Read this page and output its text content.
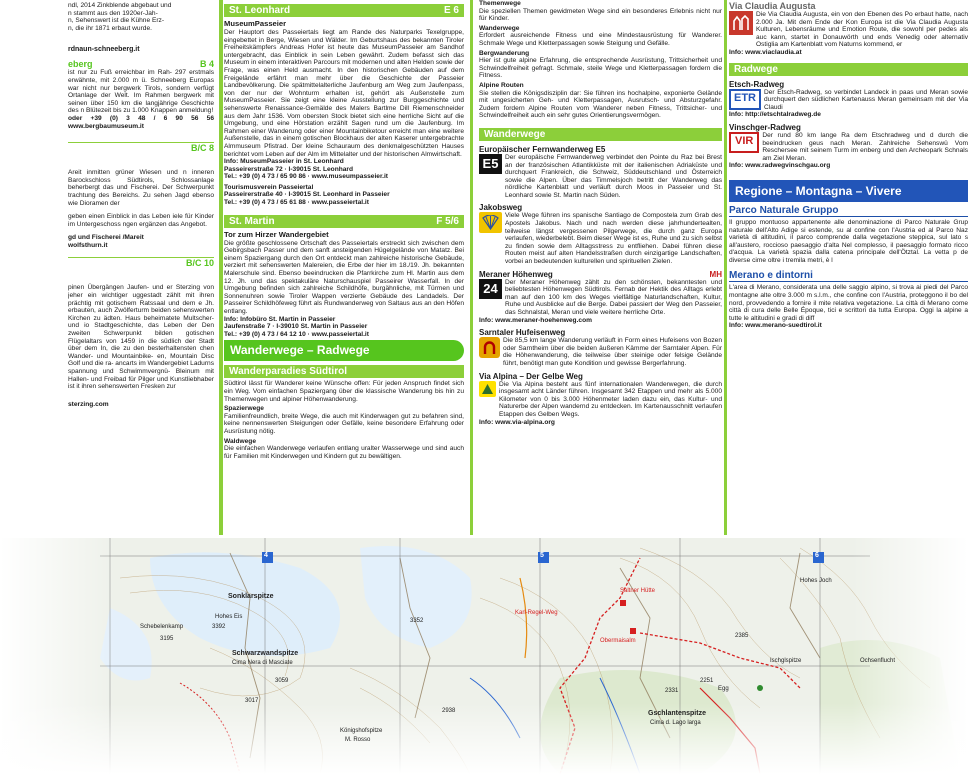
ndl, 2014 Zinkblende abgebaut und

n stammt aus den 1920er-Jah-

n, Sehenswert ist die Kühne Erz-

n, die ihr 1871 erbaut wurde.

rdnaun-schneeberg.it
eberg	B 4

ist nur zu Fuß erreichbar im Rah- 297 erstmals erwähnte, mit 2.000 m ü. Schneeberg Europas war nicht nur bergwerk Tirols, sondern verfügt Ortanlage der Welt. Im Rahmen bergwerk mit seinen über 150 km die langjährige Geschichte des n Blütezeit bis zu 1.000 Knappen anmeldung!

oder +39 (0) 3 48 / 6 90 56 56 www.bergbaumuseum.it

B/C 8

Areit inmitten grüner Wiesen und n inneren Barockschloss Südtirols, Schlossanlage beherbergt das und Fischerei. Der Schwerpunkt trachtung des Bereichs. Zu sehen Jagd ebenso wie Dioramen der

geben einen Einblick in das Leben iele für Kinder im Untergeschoss ngen ergänzen das Angebot.

gd und Fischerei /Mareit

wolfsthurn.it

B/C 10

pinen Übergängen Jaufen- und er Sterzing von jeher ein wichtiger uggestadt zählt mit ihren prächtig mit gotischem Ratssaal und dem e Jh. erbauten, auch Zwölferturm beiden sehenswerten Kirchen zu ädten. Haus beheimatete Multscher- und io Stadtgeschichte, das Leben der Den zweiten Schwerpunkt bilden gotischen Flügelaltars von 1459 in die südlich der Stadt über dem In, die zu den besterhaltensten chen Wander- und Mountainbike- en, Mountain Disc Golf und die ra- ancarts im Wandergebiet Ladurns spannung und Schwimmvergnü- Bleinum mit Hallen- und Freibad für Pilger und Kunstliebhaber ist it ihren sehenswerten Fresken zur

sterzing.com

St. Leonhard	E 6
MuseumPasseier

Der Hauptort des Passeiertals liegt am Rande des Naturparks Texelgruppe, eingebettet in Berge, Wiesen und Wälder. Im Geburtshaus des bekannten Tiroler Freiheitskämpfers Andreas Hofer ist heute das MuseumPasseier am Sandhof untergebracht, das Einblick in sein Leben gewährt. Zudem befasst sich das Museum in einem interaktiven Parcours mit modernen und alten Helden sowie der Frage, was einen Held ausmacht. In den historischen Gebäuden auf dem Freigelände erfährt man mehr über die Geschichte der Passeier Landbevölkerung. Die spätmittelalterliche Jaufenburg am Weg zum Jaufenpass, von der nur der Wohnturm erhalten ist, gehört als Außenstelle zum MuseumPasseier. Sie zeigt eine kleine Ausstellung zur Burggeschichte und sehenswerte Renaissance-Gemälde des Malers Bartlme Dill Riemenschneider aus dem Jahr 1536. Vom obersten Stock bietet sich eine herrliche Sicht auf die Umgebung, und eine Hörstation erzählt Sagen rund um die Jaufenburg. Im Rahmen einer Wanderung oder einer Mountainbiketour erreicht man eine weitere Außenstelle, das in einem gotischen Blockhaus der alten Kaserer untergebrachte Almmuseum Pfistrad. Der kleine Schauraum des denkmalgeschützten Hauses berichtet vom Leben auf der Alm im Mittelalter und der historischen Almwirtschaft.

Info: MuseumPasseier in St. Leonhard

Passeirerstraße 72 · I-39015 St. Leonhard

Tel.: +39 (0) 4 73 / 65 90 86 · www.museumpasseier.it

Tourismusverein Passeiertal

Passeirerstraße 40 · I-39015 St. Leonhard in Passeier

Tel.: +39 (0) 4 73 / 65 61 88 · www.passeiertal.it

St. Martin	F 5/6
Tor zum Hirzer Wandergebiet

Die größte geschlossene Ortschaft des Passeiertals erstreckt sich zwischen dem Gebirgsbach Passer und dem sanft ansteigenden Hügelgelände von Matatz. Bei einem Spaziergang durch den Ort entdeckt man zahlreiche historische Gebäude, verziert mit sehenswerten Malereien, die Erbe der hier im 18./19. Jh. bekannten Malerschule sind. Ebenso beeindrucken die Pfarrkirche zum Hl. Martin aus dem 12. Jh. und das spektakuläre Naturschauspiel Passeirer Wasserfall. In der Umgebung befinden sich zahlreiche Schildhöfe, burgähnliche, mit Türmen und Sonnenuhren sowie Tiroler Wappen verzierte Gebäude des Landadels. Der Passeirer Schildhöfeweg führt als Rundwanderweg von Saltaus aus an den Höfen entlang.

Info: Infobüro St. Martin in Passeier

Jaufenstraße 7 · I-39010 St. Martin in Passeier

Tel.: +39 (0) 4 73 / 64 12 10 · www.passeiertal.it

Wanderwege – Radwege
Wanderparadies Südtirol

Südtirol lässt für Wanderer keine Wünsche offen: Für jeden Anspruch findet sich ein Weg. Vom einfachen Spaziergang über die klassische Wanderung bis hin zu Themenwegen und alpiner Höhenwanderung.

Spazierwege

Familienfreundlich, breite Wege, die auch mit Kinderwagen gut zu befahren sind, keine nennenswerten Steigungen oder Gefälle, keine besondere Erfahrung oder Ausrüstung nötig.

Waldwege

Die einfachen Wanderwege verlaufen entlang uralter Wasserwege und sind auch für Familien mit Kinderwegen und Kindern gut zu bewältigen.

Themenwege

Die speziellen Themen gewidmeten Wege sind ein besonderes Erlebnis nicht nur für Kinder.

Wanderwege

Erfordert ausreichende Fitness und eine Mindestausrüstung für Wanderer. Schmale Wege und Kletterpassagen sowie Steigung und Gefälle.

Bergwanderung

Hier ist gute alpine Erfahrung, die entsprechende Ausrüstung, Trittsicherheit und Schwindelfreiheit gefragt. Schmale, steile Wege und Kletterpassagen fordern die Fitness.

Alpine Routen

Sie stellen die Königsdisziplin dar: Sie führen ins hochalpine, exponierte Gelände mit ungesicherten Geh- und Kletterpassagen, Ausrutsch- und Absturzgefahr. Zudem fordern Alpine Routen vom Wanderer neben Fitness, Trittsicher- und Schwindelfreiheit auch ein sehr gutes Orientierungsvermögen.

Wanderwege
Europäischer Fernwanderweg E5
E5 Der europäische Fernwanderweg verbindet den Pointe du Raz bei Brest an der französischen Atlantikküste mit der italienischen Adriaküste und durchquert Frankreich, die Schweiz, Süddeutschland und Österreich sowie die Alpen. Über das Timmelsjoch betritt der Wanderweg das nördliche Kartenblatt und verläuft durch Moos in Passeier und St. Leonhard sowie St. Martin nach Süden.

Jakobsweg

Viele Wege führen ins spanische Santiago de Compostela zum Grab des Apostels Jakobus. Nach und nach werden diese jahrhundertealten, teilweise längst vergessenen Pilgerwege, die durch ganz Europa verlaufen, wiederbelebt. Beim dieser Wege ist es, Ruhe und zu sich selbst zu finden sowie dem Alltagsstress zu entfliehen. Dabei führen diese Routen meist auf alten Handelsstraßen durch einzigartige Landschaften, vorbei an bedeutenden kulturellen und spirituellen Zielen.

Meraner Höhenweg	MH
24	Der Meraner Höhenweg zählt zu den schönsten, bekanntesten und beliebtesten Höhenwegen Südtirols. Fernab der Hektik des Alltags erlebt man auf den 100 km des Weges vielfältige Naturlandschaften, Kultur, Ruhe und Ausblicke auf die Berge. Dabei passiert der Weg den Passeier, das Schnalstal, Meran und viele weitere herrliche Orte.

Info: www.meraner-hoehenweg.com

Sarntaler Hufeisenweg

Die 85,5 km lange Wanderung verläuft in Form eines Hufeisens von Bozen oder Sarntheim über die beiden äußeren Kämme der Sarntaler Alpen. Für die Höhenwanderung, die teilweise über steinige oder felsige Gelände führt, benötigt man gute Kondition und gewisse Bergerfahrung.

Via Alpina – Der Gelbe Weg

Die Via Alpina besteht aus fünf internationalen Wanderwegen, die durch insgesamt acht Länder führen. Insgesamt 342 Etappen und mehr als 5.000 Kilometer von 0 bis 3.000 Höhenmeter laden dazu ein, das Kultur- und Naturerbe der Alpen wandernd zu entdecken. Im Kartenausschnitt verlaufen Etappen des Gelben Wegs.

Info: www.via-alpina.org

Via Claudia Augusta

Die Via Claudia Augusta, ein von den Ebenen des Po erbaut hatte, nach 2.000 Ja. Mit dem Ende der Kon Europa ist die Via Claudia Augusta Kulturen, Lebensräume und Emotion Route, die sowohl per pedes als auc kann, startet in Donauwörth und ends Venedig oder alternativ Ostiglia am Kartenblatt vom Naturns kommend, er

Info: www.viaclaudia.at

Radwege
Etsch-Radweg
ETR	Der Etsch-Radweg, so verbindet Landeck in paas und Meran sowie durchquert den südlichen Kartenauss Meran gemeinsam mit der Via Claudi

Info: http://etschtalradweg.de

Vinschger-Radweg
VIR	Der rund 80 km lange Ra dem Etschradweg und d durch die beeindrucken geus nach Meran. Zahlreiche Sehenswü Vom Reschersee mit seinem Turm im enberg und den Archeopark Schnals am Ziel Meran.

Info: www.radwegvinschgau.org

Regione – Montagna – Vivere
Parco Naturale Gruppo

Il gruppo montuoso appartenente alle denominazione di Parco Naturale Grup naturale dell'Alto Adige si estende, su al confine con l'Austria ed al Parco Naz varietà di altitudini, il parco comprende dalla vegetazione steppica, sul lato s all'austero, roccioso paesaggio d'alta Nel complesso, il paesaggio formato ricco d'acqua. La varietà spazia dalla catena principale dell'Ötztal. La vetta p de diverse cime oltre i tremila metri, è l

Merano e dintorni

L'area di Merano, considerata una delle saggio alpino, si trova ai piedi del Parco montagne alte oltre 3.000 m s.l.m., che confine con l'Austria, proteggono il bo del nord, provvedendo a fornire il mite relativa vegetazione. La città di Merano come città di cura delle Belle Époque, tici e scrittori da tutta Europa. Oggi la alpine a tutte le altitudini e gradi di diff

Info: www.merano-suedtirol.it

4	5	6
Schwarzwandspitze
Cima Nera di Masciate
Hohes Eis
Schebelenkamp
Königshofspitze
M. Rosso
Sonklarspitze
Ischglspitze
Gschlantenspitze
Cima d. Lago larga
Saltner Hütte
Karl-Regel-Weg
Egg
Hohes Joch
Ochsenflucht
Obermaisalm
3195
3392
3017
3059
3352
2938
2385
2251
2331
